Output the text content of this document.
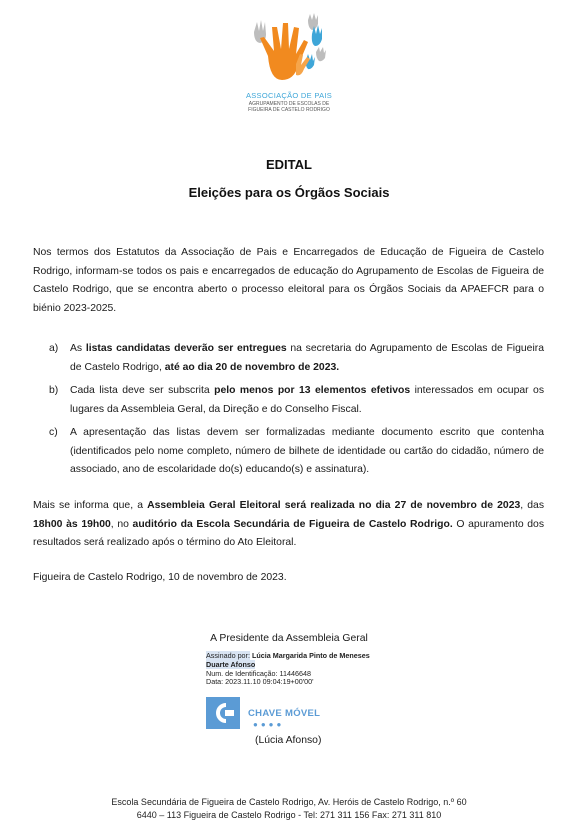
ASSOCIAÇÃO DE PAIS
AGRUPAMENTO DE ESCOLAS DE
FIGUEIRA DE CASTELO RODRIGO
EDITAL
Eleições para os Órgãos Sociais

Nos termos dos Estatutos da Associação de Pais e Encarregados de Educação de Figueira de Castelo Rodrigo, informam-se todos os pais e encarregados de educação do Agrupamento de Escolas de Figueira de Castelo Rodrigo, que se encontra aberto o processo eleitoral para os Órgãos Sociais da APAEFCR para o biénio 2023-2025.

a) As listas candidatas deverão ser entregues na secretaria do Agrupamento de Escolas de Figueira de Castelo Rodrigo, até ao dia 20 de novembro de 2023.
b) Cada lista deve ser subscrita pelo menos por 13 elementos efetivos interessados em ocupar os lugares da Assembleia Geral, da Direção e do Conselho Fiscal.
c) A apresentação das listas devem ser formalizadas mediante documento escrito que contenha (identificados pelo nome completo, número de bilhete de identidade ou cartão do cidadão, número de associado, ano de escolaridade do(s) educando(s) e assinatura).

Mais se informa que, a Assembleia Geral Eleitoral será realizada no dia 27 de novembro de 2023, das 18h00 às 19h00, no auditório da Escola Secundária de Figueira de Castelo Rodrigo. O apuramento dos resultados será realizado após o término do Ato Eleitoral.

Figueira de Castelo Rodrigo, 10 de novembro de 2023.

A Presidente da Assembleia Geral
Assinado por: Lúcia Margarida Pinto de Meneses
Duarte Afonso
Num. de Identificação: 11446648
Data: 2023.11.10 09:04:19+00'00'
CHAVE MÓVEL
●●●●
(Lúcia Afonso)
Escola Secundária de Figueira de Castelo Rodrigo, Av. Heróis de Castelo Rodrigo, n.º 60
6440 – 113 Figueira de Castelo Rodrigo - Tel: 271 311 156 Fax: 271 311 810
